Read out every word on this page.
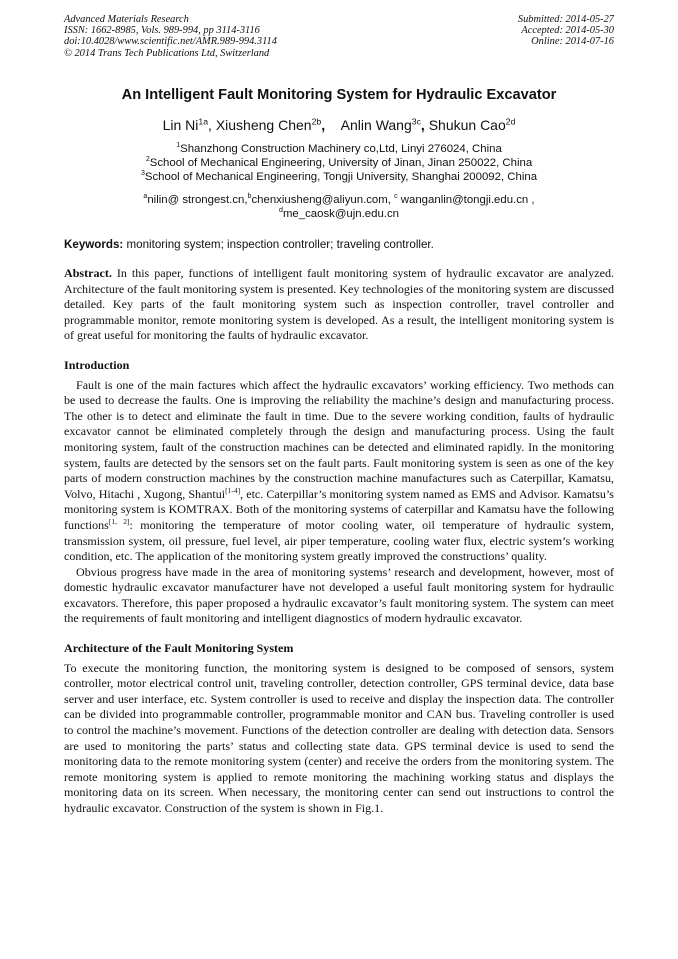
Advanced Materials Research
ISSN: 1662-8985, Vols. 989-994, pp 3114-3116
doi:10.4028/www.scientific.net/AMR.989-994.3114
© 2014 Trans Tech Publications Ltd, Switzerland
Submitted: 2014-05-27
Accepted: 2014-05-30
Online: 2014-07-16
An Intelligent Fault Monitoring System for Hydraulic Excavator
Lin $Ni^{1a}$, Xiusheng Chen$^{2b}$,    Anlin Wang$^{3c}$, Shukun Cao$^{2d}$
$^1$Shanzhong Construction Machinery co,Ltd, Linyi 276024, China
$^2$School of Mechanical Engineering, University of Jinan, Jinan 250022, China
$^3$School of Mechanical Engineering, Tongji University, Shanghai 200092, China
$^a$nilin@ strongest.cn,$^b$chenxiusheng@aliyun.com, $^c$ wanganlin@tongji.edu.cn ,
$^d$me_caosk@ujn.edu.cn
Keywords: monitoring system; inspection controller; traveling controller.

Abstract. In this paper, functions of intelligent fault monitoring system of hydraulic excavator are analyzed. Architecture of the fault monitoring system is presented. Key technologies of the monitoring system are discussed detailed. Key parts of the fault monitoring system such as inspection controller, travel controller and programmable monitor, remote monitoring system is developed. As a result, the intelligent monitoring system is of great useful for monitoring the faults of hydraulic excavator.

Introduction

Fault is one of the main factures which affect the hydraulic excavators’ working efficiency. Two methods can be used to decrease the faults. One is improving the reliability the machine’s design and manufacturing process. The other is to detect and eliminate the fault in time. Due to the severe working condition, faults of hydraulic excavator cannot be eliminated completely through the design and manufacturing process. Using the fault monitoring system, fault of the construction machines can be detected and eliminated rapidly. In the monitoring system, faults are detected by the sensors set on the fault parts. Fault monitoring system is seen as one of the key parts of modern construction machines by the construction machine manufactures such as Caterpillar, Kamatsu, Volvo, Hitachi , Xugong, Shantui[1-4], etc. Caterpillar’s monitoring system named as EMS and Advisor. Kamatsu’s monitoring system is KOMTRAX. Both of the monitoring systems of caterpillar and Kamatsu have the following functions[1, 2]: monitoring the temperature of motor cooling water, oil temperature of hydraulic system, transmission system, oil pressure, fuel level, air piper temperature, cooling water flux, electric system’s working condition, etc. The application of the monitoring system greatly improved the constructions’ quality.

Obvious progress have made in the area of monitoring systems’ research and development, however, most of domestic hydraulic excavator manufacturer have not developed a useful fault monitoring system for hydraulic excavators. Therefore, this paper proposed a hydraulic excavator’s fault monitoring system. The system can meet the requirements of fault monitoring and intelligent diagnostics of modern hydraulic excavator.

Architecture of the Fault Monitoring System

To execute the monitoring function, the monitoring system is designed to be composed of sensors, system controller, motor electrical control unit, traveling controller, detection controller, GPS terminal device, data base server and user interface, etc. System controller is used to receive and display the inspection data. The controller can be divided into programmable controller, programmable monitor and CAN bus. Traveling controller is used to control the machine’s movement. Functions of the detection controller are dealing with detection data. Sensors are used to monitoring the parts’ status and collecting state data. GPS terminal device is used to send the monitoring data to the remote monitoring system (center) and receive the orders from the monitoring system. The remote monitoring system is applied to remote monitoring the machining working status and displays the monitoring data on its screen. When necessary, the monitoring center can send out instructions to control the hydraulic excavator. Construction of the system is shown in Fig.1.
